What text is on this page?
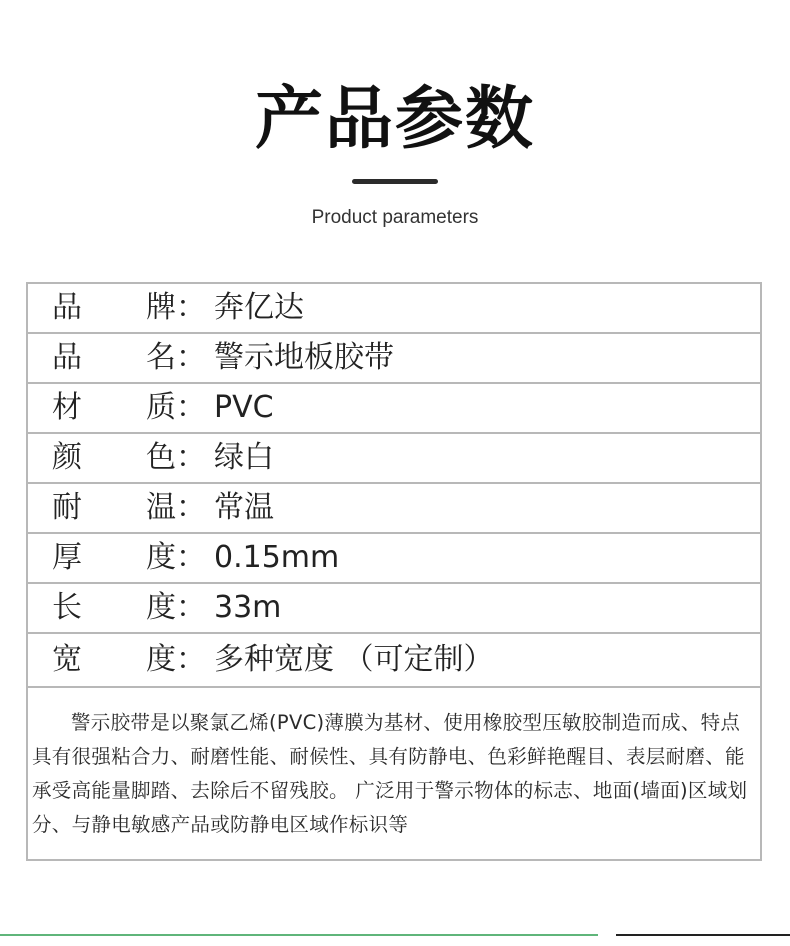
产品参数
Product parameters
品 牌 ： 奔亿达
品 名 ： 警示地板胶带
材 质 ： PVC
颜 色 ： 绿白
耐 温 ： 常温
厚 度 ： 0.15mm
长 度 ： 33m
宽 度 ： 多种宽度 （可定制）
警示胶带是以聚氯乙烯(PVC)薄膜为基材、使用橡胶型压敏胶制造而成、特点具有很强粘合力、耐磨性能、耐候性、具有防静电、色彩鲜艳醒目、表层耐磨、能承受高能量脚踏、去除后不留残胶。 广泛用于警示物体的标志、地面(墙面)区域划分、与静电敏感产品或防静电区域作标识等
